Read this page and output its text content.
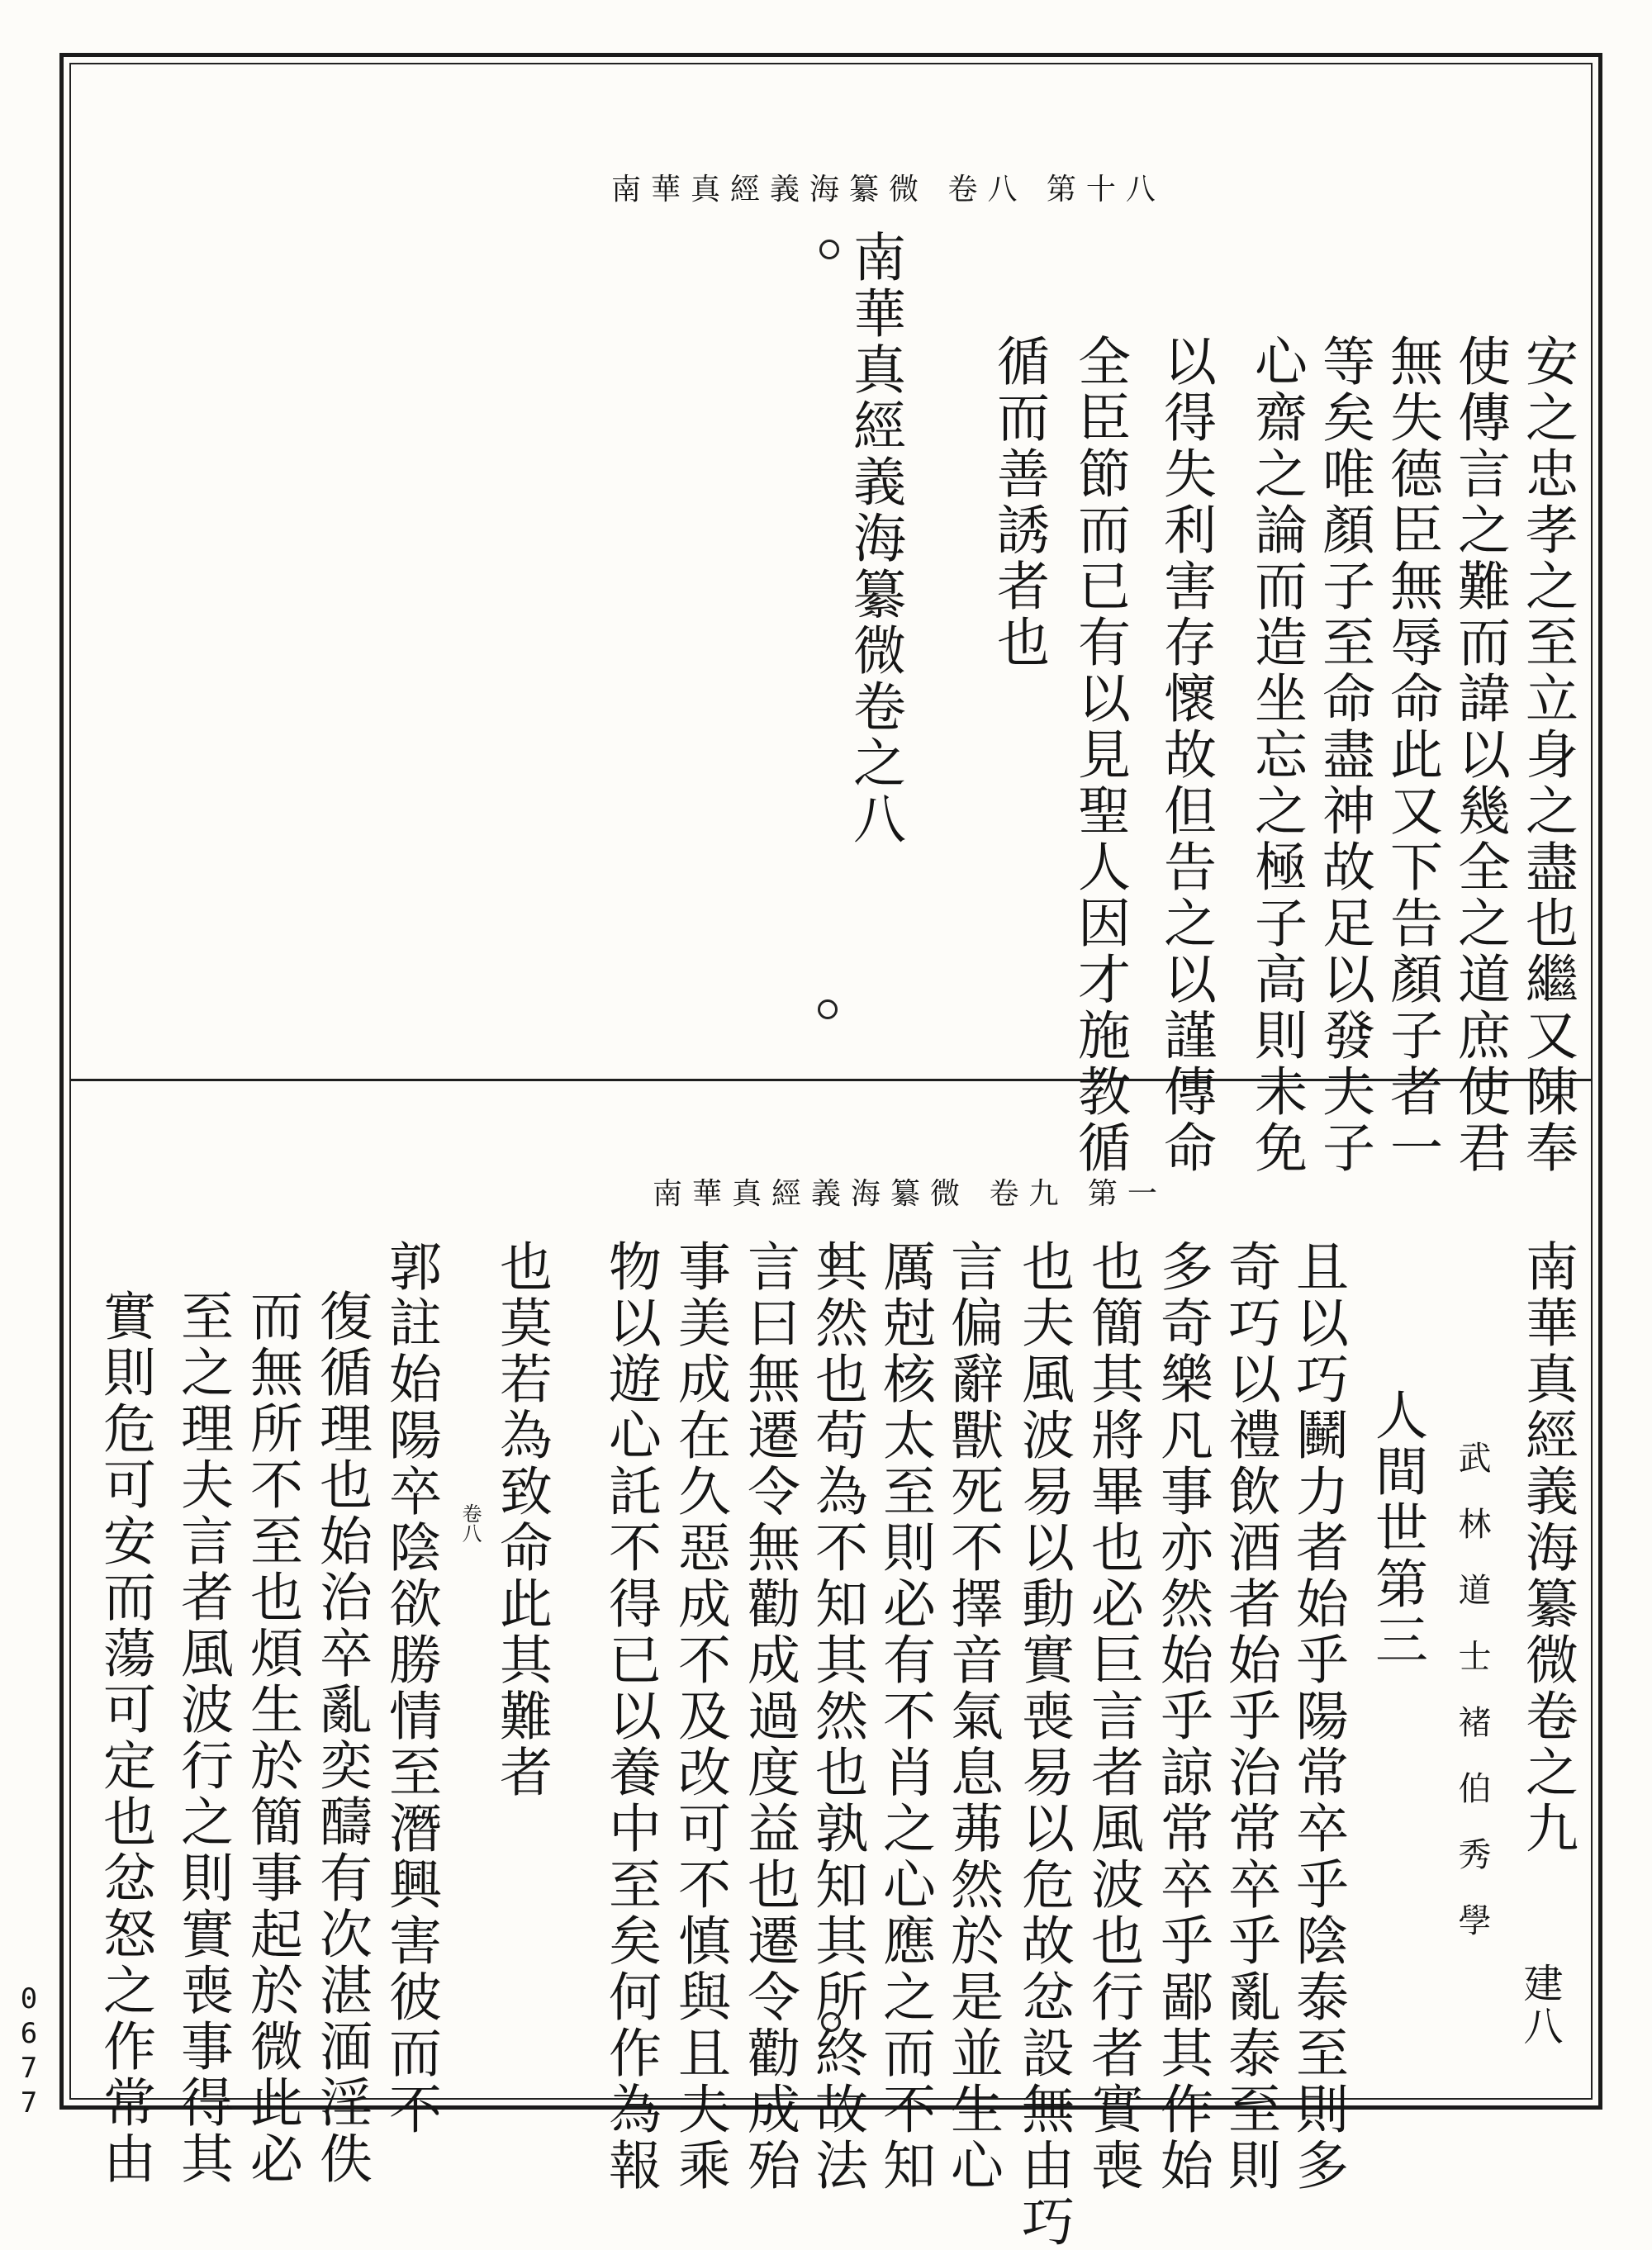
南華真經義海纂微 卷八 第十八
安之忠孝之至立身之盡也繼又陳奉
使傳言之難而諱以幾全之道庶使君
無失德臣無辱命此又下告顏子者一
等矣唯顏子至命盡神故足以發夫子
心齋之論而造坐忘之極子高則未免
以得失利害存懷故但告之以謹傳命
全臣節而已有以見聖人因才施教循
循而善誘者也
南華真經義海纂微卷之八
南華真經義海纂微 卷九 第一
南華真經義海纂微卷之九
建八
武林道士褚伯秀學
人間世第三
且以巧鬭力者始乎陽常卒乎陰泰至則多
奇巧以禮飲酒者始乎治常卒乎亂泰至則
多奇樂凡事亦然始乎諒常卒乎鄙其作始
也簡其將畢也必巨言者風波也行者實喪
也夫風波易以動實喪易以危故忿設無由巧
言偏辭獸死不擇音氣息茀然於是並生心
厲尅核太至則必有不肖之心應之而不知
其然也苟為不知其然也孰知其所終故法
言曰無遷令無勸成過度益也遷令勸成殆
事美成在久惡成不及改可不慎與且夫乘
物以遊心託不得已以養中至矣何作為報
也莫若為致命此其難者
卷八
郭註始陽卒陰欲勝情至潛興害彼而不
復循理也始治卒亂奕醻有次湛湎淫佚
而無所不至也煩生於簡事起於微此必
至之理夫言者風波行之則實喪事得其
實則危可安而蕩可定也忿怒之作常由
0677
